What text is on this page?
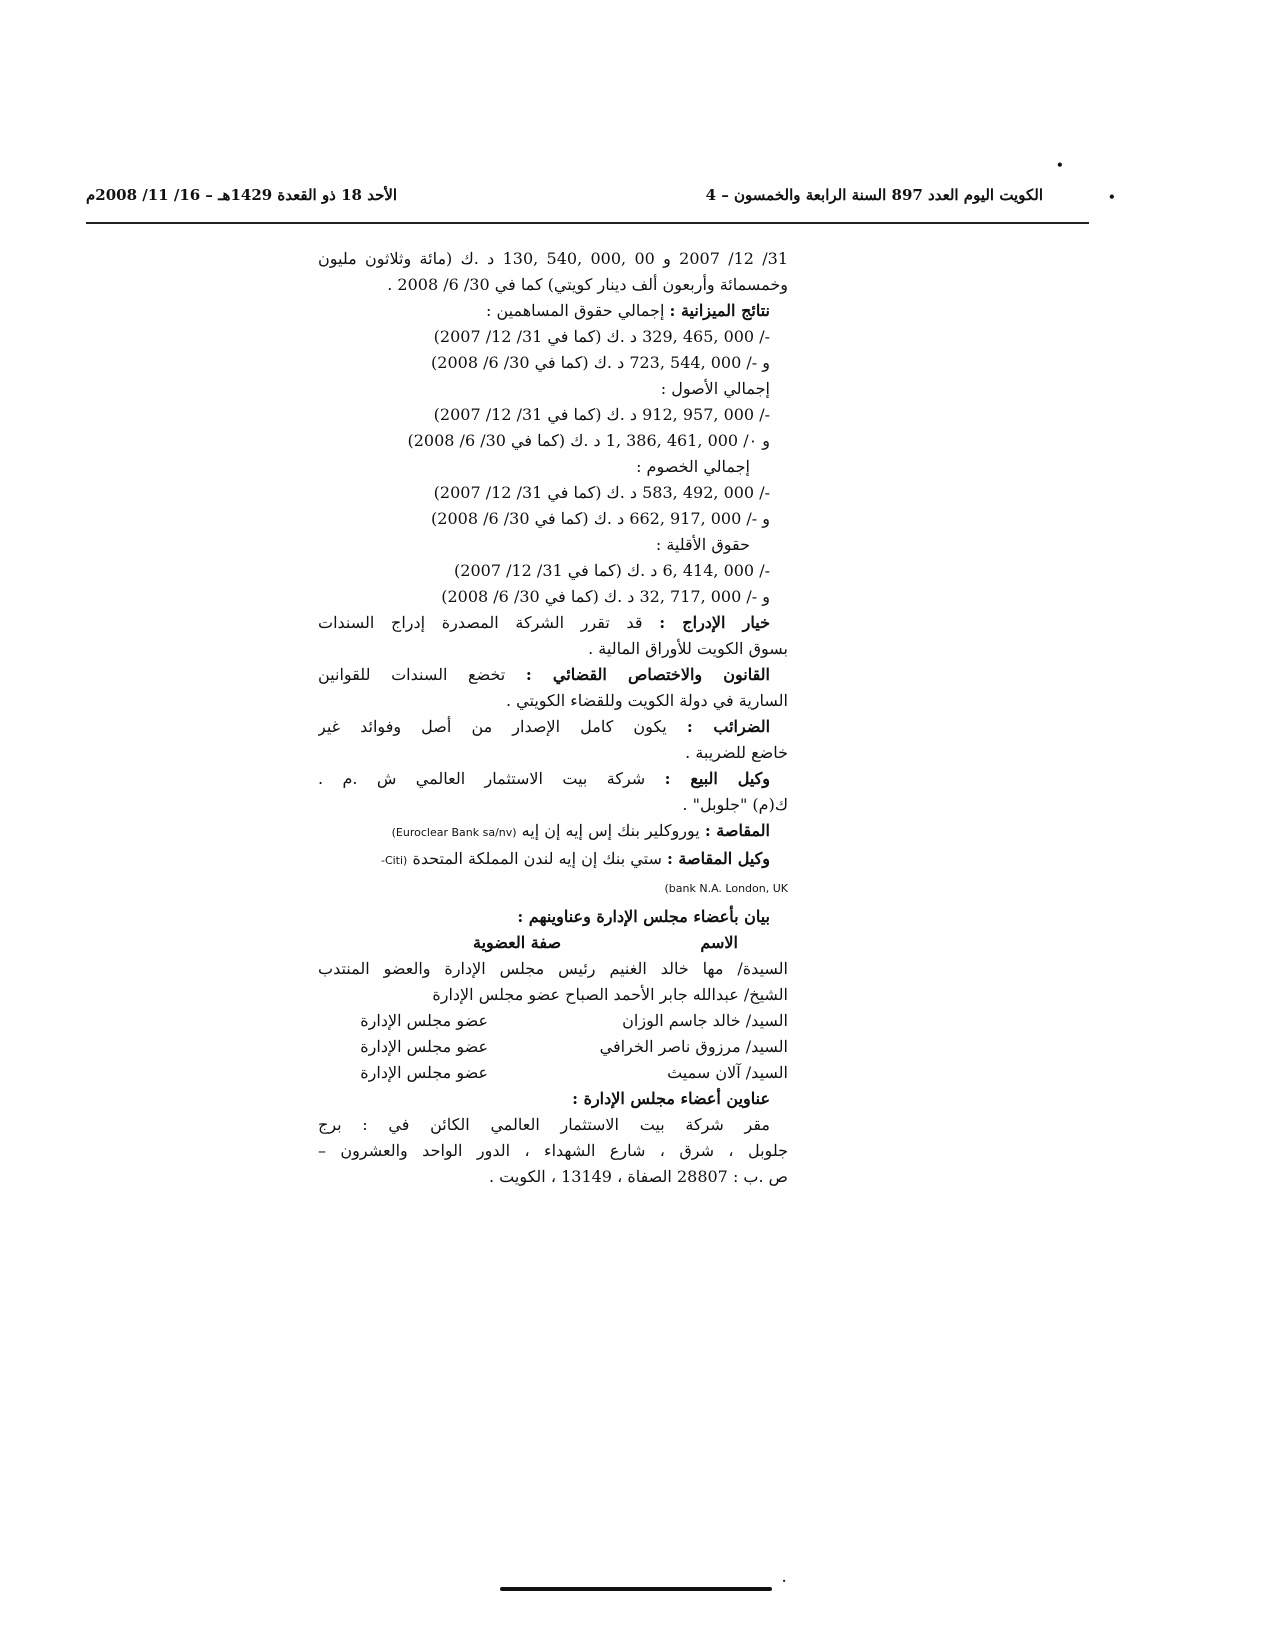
•
•
الكويت اليوم العدد 897 السنة الرابعة والخمسون – 4
الأحد 18 ذو القعدة 1429هـ – 16/ 11/ 2008م
31/ 12/ 2007 و 00 ,000 ,540 ,130 د .ك (مائة وثلاثون مليون
وخمسمائة وأربعون ألف دينار كويتي) كما في 30/ 6/ 2008 .
نتائج الميزانية : إجمالي حقوق المساهمين :
-/ 000 ,465 ,329 د .ك (كما في 31/ 12/ 2007)
و -/ 000 ,544 ,723 د .ك (كما في 30/ 6/ 2008)
إجمالي الأصول :
-/ 000 ,957 ,912 د .ك (كما في 31/ 12/ 2007)
و ٠/ 000 ,461 ,386 ,1 د .ك (كما في 30/ 6/ 2008)
إجمالي الخصوم :
-/ 000 ,492 ,583 د .ك (كما في 31/ 12/ 2007)
و -/ 000 ,917 ,662 د .ك (كما في 30/ 6/ 2008)
حقوق الأقلية :
-/ 000 ,414 ,6 د .ك (كما في 31/ 12/ 2007)
و -/ 000 ,717 ,32 د .ك (كما في 30/ 6/ 2008)
خيار الإدراج : قد تقرر الشركة المصدرة إدراج السندات
بسوق الكويت للأوراق المالية .
القانون والاختصاص القضائي : تخضع السندات للقوانين
السارية في دولة الكويت وللقضاء الكويتي .
الضرائب : يكون كامل الإصدار من أصل وفوائد غير
خاضع للضريبة .
وكيل البيع : شركة بيت الاستثمار العالمي ش .م .
ك(م) "جلوبل" .
المقاصة : يوروكلير بنك إس إيه إن إيه (Euroclear Bank sa/nv)
وكيل المقاصة : ستي بنك إن إيه لندن المملكة المتحدة (Citi-
bank N.A. London, UK)
بيان بأعضاء مجلس الإدارة وعناوينهم :
الاسم
صفة العضوية
السيدة/ مها خالد الغنيم رئيس مجلس الإدارة والعضو المنتدب
الشيخ/ عبدالله جابر الأحمد الصباح عضو مجلس الإدارة
السيد/ خالد جاسم الوزان
عضو مجلس الإدارة
السيد/ مرزوق ناصر الخرافي
عضو مجلس الإدارة
السيد/ آلان سميث
عضو مجلس الإدارة
عناوين أعضاء مجلس الإدارة :
مقر شركة بيت الاستثمار العالمي الكائن في : برج
جلوبل ، شرق ، شارع الشهداء ، الدور الواحد والعشرون –
ص .ب : 28807 الصفاة ، 13149 ، الكويت .
·
